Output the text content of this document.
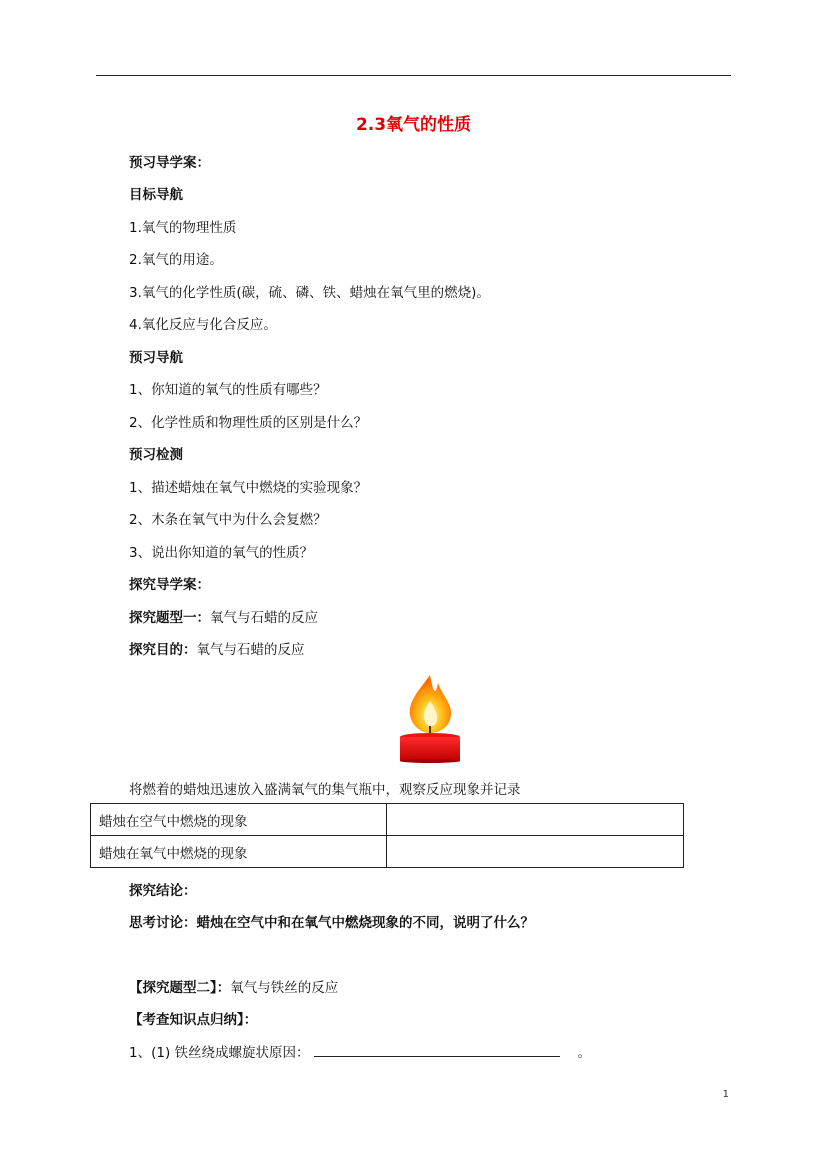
2.3氧气的性质
预习导学案：
目标导航
1.氧气的物理性质
2.氧气的用途。
3.氧气的化学性质(碳，硫、磷、铁、蜡烛在氧气里的燃烧)。
4.氧化反应与化合反应。
预习导航
1、你知道的氧气的性质有哪些？
2、化学性质和物理性质的区别是什么？
预习检测
1、描述蜡烛在氧气中燃烧的实验现象？
2、木条在氧气中为什么会复燃？
3、说出你知道的氧气的性质？
探究导学案：
探究题型一：氧气与石蜡的反应
探究目的：氧气与石蜡的反应
将燃着的蜡烛迅速放入盛满氧气的集气瓶中，观察反应现象并记录
蜡烛在空气中燃烧的现象	
蜡烛在氧气中燃烧的现象	
探究结论：
思考讨论：蜡烛在空气中和在氧气中燃烧现象的不同，说明了什么？
【探究题型二】：氧气与铁丝的反应
【考查知识点归纳】：
1、(1) 铁丝绕成螺旋状原因：	。
1
